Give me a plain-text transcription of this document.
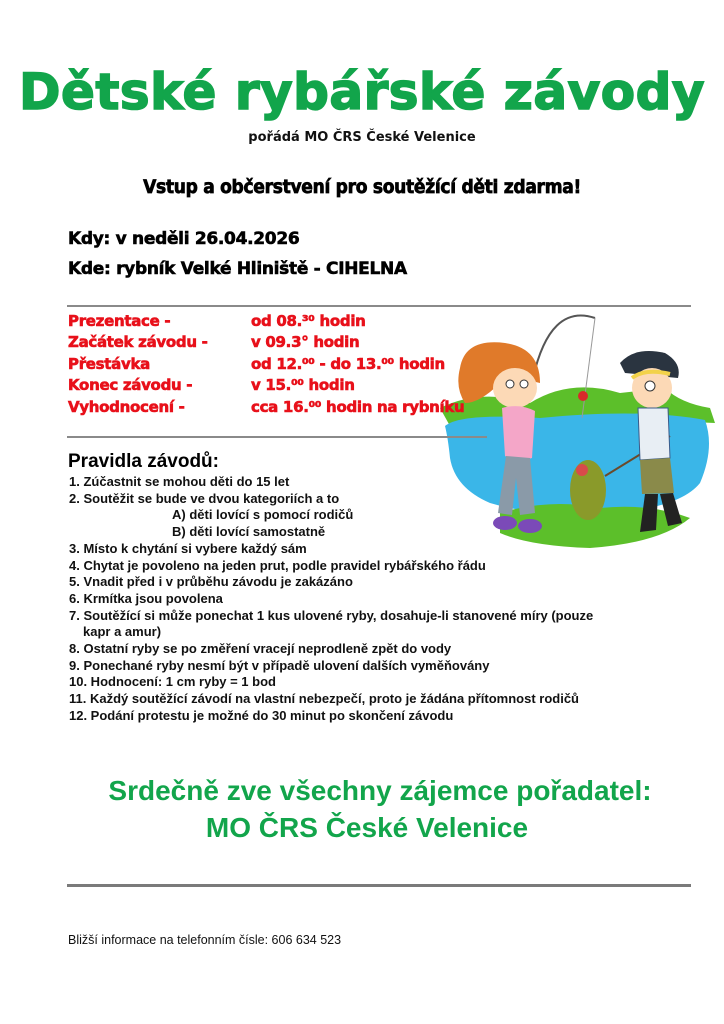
Dětské rybářské závody
pořádá MO ČRS České Velenice
Vstup a občerstvení pro soutěžící děti zdarma!
Kdy: v neděli 26.04.2026
Kde: rybník Velké Hliniště - CIHELNA
Prezentace -	od 08.³⁰ hodin
Začátek závodu -	v 09.3° hodin
Přestávka	od 12.⁰⁰ - do 13.⁰⁰ hodin
Konec závodu -	v 15.⁰⁰ hodin
Vyhodnocení -	cca 16.⁰⁰ hodin na rybníku
Pravidla závodů:
1. Zúčastnit se mohou děti do 15 let
2. Soutěžit se bude ve dvou kategoriích a to
A) děti lovící s pomocí rodičů
B) děti lovící samostatně
3. Místo k chytání si vybere každý sám
4. Chytat je povoleno na jeden prut, podle pravidel rybářského řádu
5. Vnadit před i v průběhu závodu je zakázáno
6. Krmítka jsou povolena
7. Soutěžící si může ponechat 1 kus ulovené ryby, dosahuje-li stanovené míry (pouze
kapr a amur)
8. Ostatní ryby se po změření vracejí neprodleně zpět do vody
9. Ponechané ryby nesmí být v případě ulovení dalších vyměňovány
10. Hodnocení: 1 cm ryby = 1 bod
11. Každý soutěžící závodí na vlastní nebezpečí, proto je žádána přítomnost rodičů
12. Podání protestu je možné do 30 minut po skončení závodu
Srdečně zve všechny zájemce pořadatel:
MO ČRS České Velenice
Bližší informace na telefonním čísle: 606 634 523
